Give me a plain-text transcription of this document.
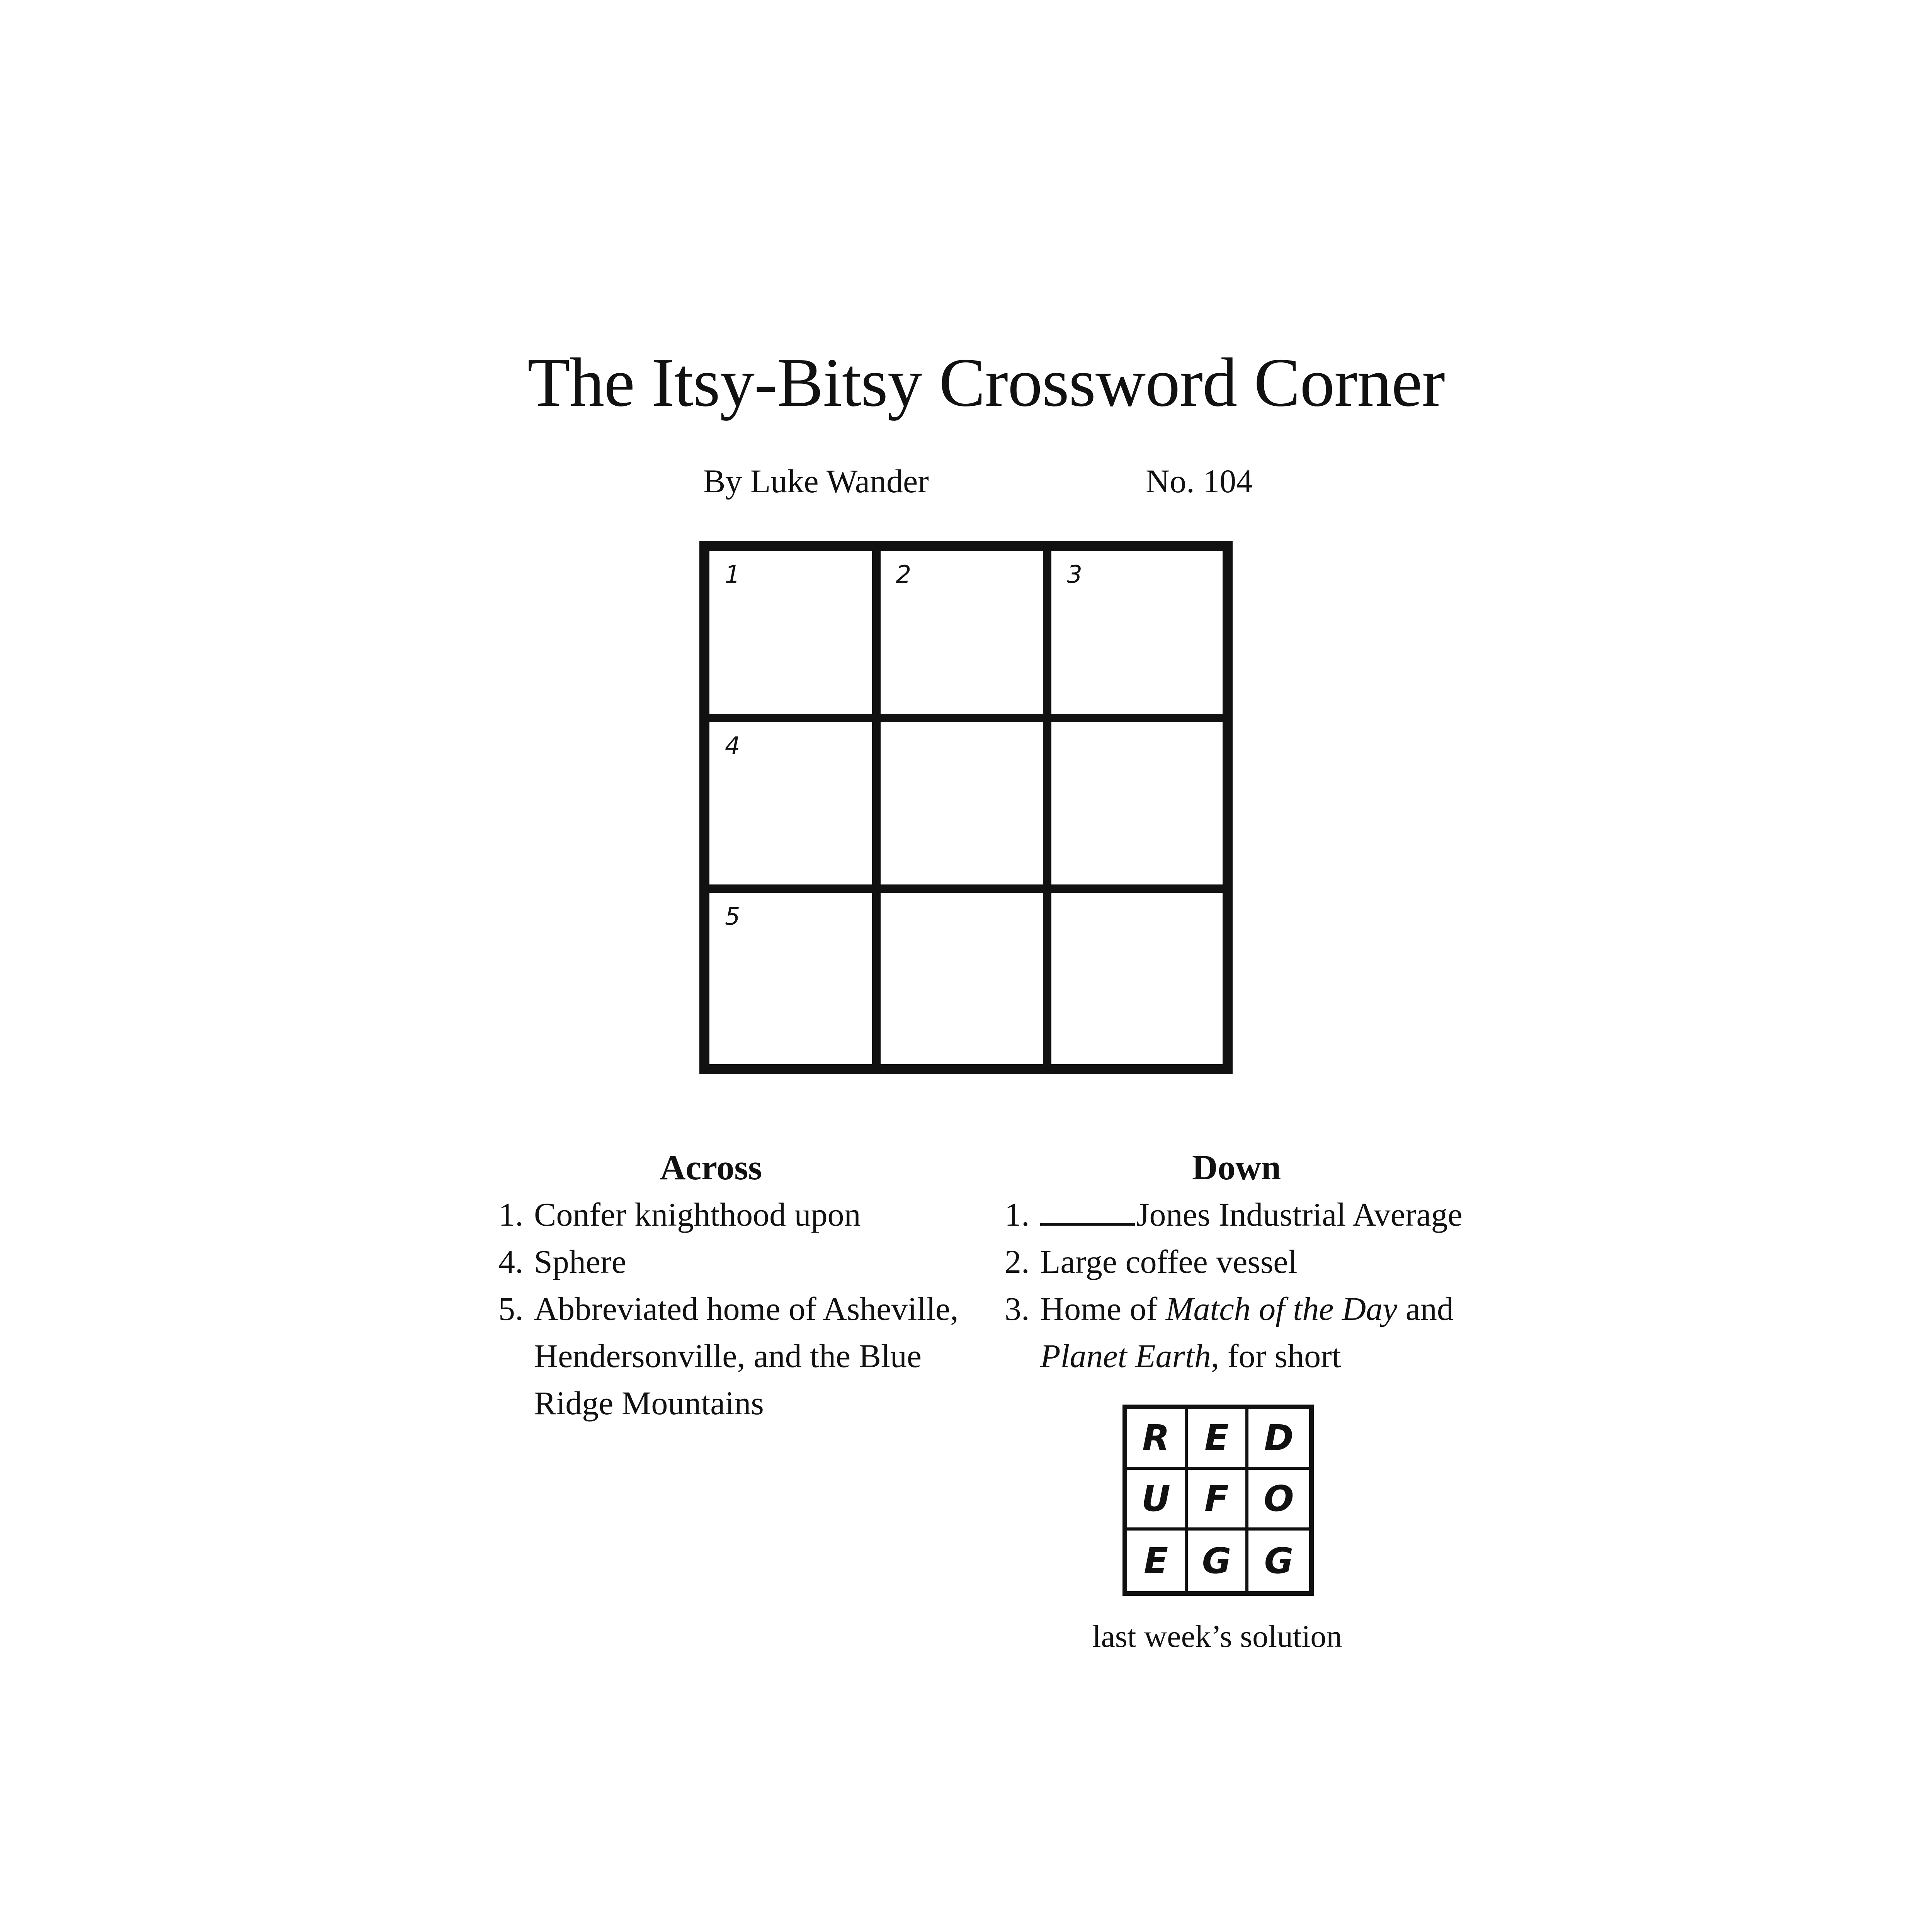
The Itsy-Bitsy Crossword Corner
By Luke Wander	No. 104
1	2	3
4
5
Across
1. Confer knighthood upon
4. Sphere
5. Abbreviated home of Asheville, Hendersonville, and the Blue Ridge Mountains
Down
1.	Jones Industrial Average
2. Large coffee vessel
3. Home of Match of the Day and
Planet Earth, for short
R E D
U F O
E G G
last week’s solution
